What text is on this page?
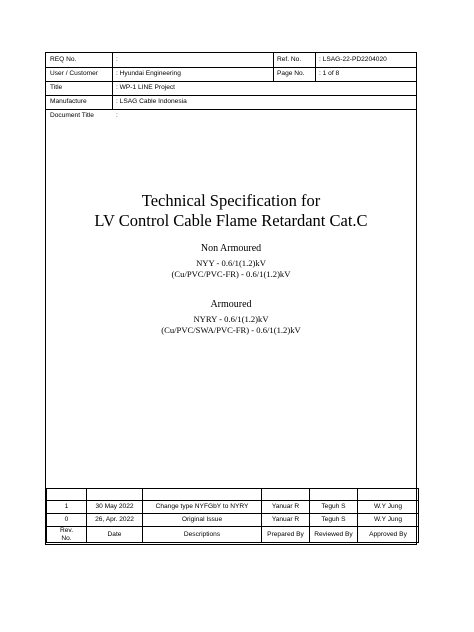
REQ No.	:	Ref. No.	: LSAG-22-PD2204020
User / Customer	: Hyundai Engineering	Page No. : 1 of 8
Title	: WP-1 LINE Project
Manufacture	: LSAG Cable Indonesia
Document Title	:
Technical Specification for
LV Control Cable Flame Retardant Cat.C
Non Armoured
NYY - 0.6/1(1.2)kV
(Cu/PVC/PVC-FR) - 0.6/1(1.2)kV
Armoured
NYRY - 0.6/1(1.2)kV
(Cu/PVC/SWA/PVC-FR) - 0.6/1(1.2)kV

1	30 May 2022	Change type NYFGbY to NYRY	Yanuar R	Teguh S	W.Y Jung
0	26, Apr. 2022	Original Issue	Yanuar R	Teguh S	W.Y Jung
Rev.
No.	Date	Descriptions	Prepared By	Reviewed By	Approved By
